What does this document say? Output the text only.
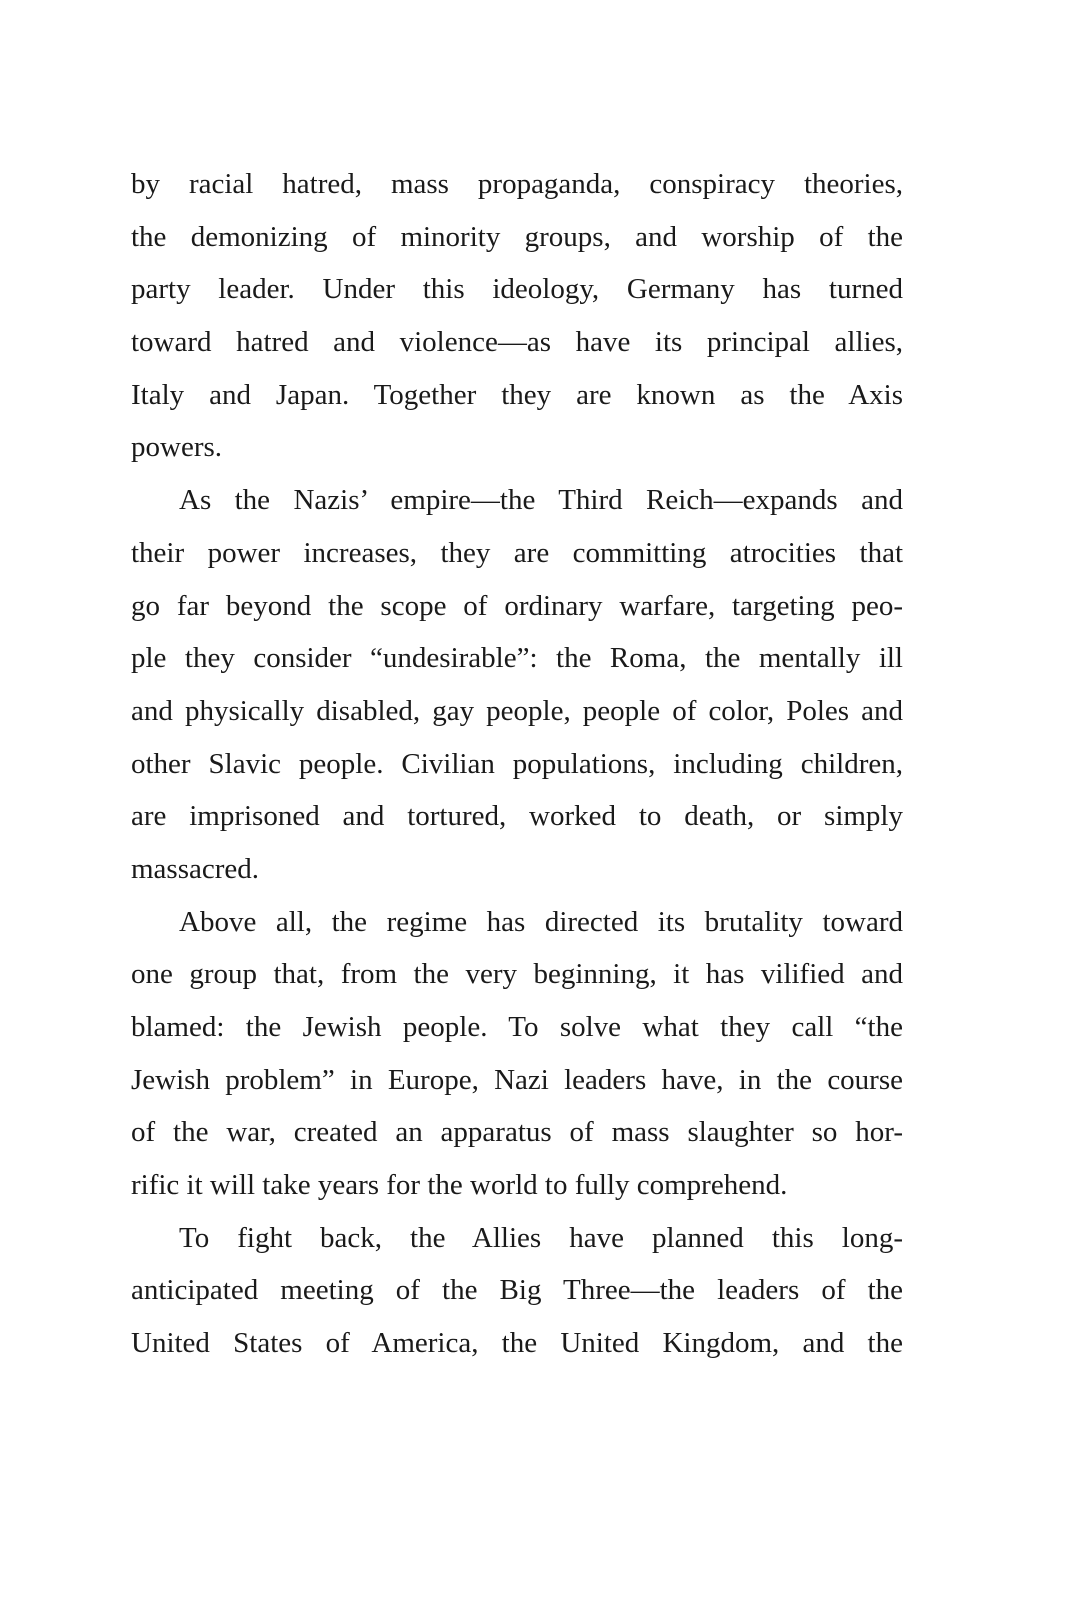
by racial hatred, mass propaganda, conspiracy theories,
the demonizing of minority groups, and worship of the
party leader. Under this ideology, Germany has turned
toward hatred and violence—as have its principal allies,
Italy and Japan. Together they are known as the Axis
powers.
As the Nazis’ empire—the Third Reich—expands and
their power increases, they are committing atrocities that
go far beyond the scope of ordinary warfare, targeting peo-
ple they consider “undesirable”: the Roma, the mentally ill
and physically disabled, gay people, people of color, Poles and
other Slavic people. Civilian populations, including children,
are imprisoned and tortured, worked to death, or simply
massacred.
Above all, the regime has directed its brutality toward
one group that, from the very beginning, it has vilified and
blamed: the Jewish people. To solve what they call “the
Jewish problem” in Europe, Nazi leaders have, in the course
of the war, created an apparatus of mass slaughter so hor-
rific it will take years for the world to fully comprehend.
To fight back, the Allies have planned this long-
anticipated meeting of the Big Three—the leaders of the
United States of America, the United Kingdom, and the
